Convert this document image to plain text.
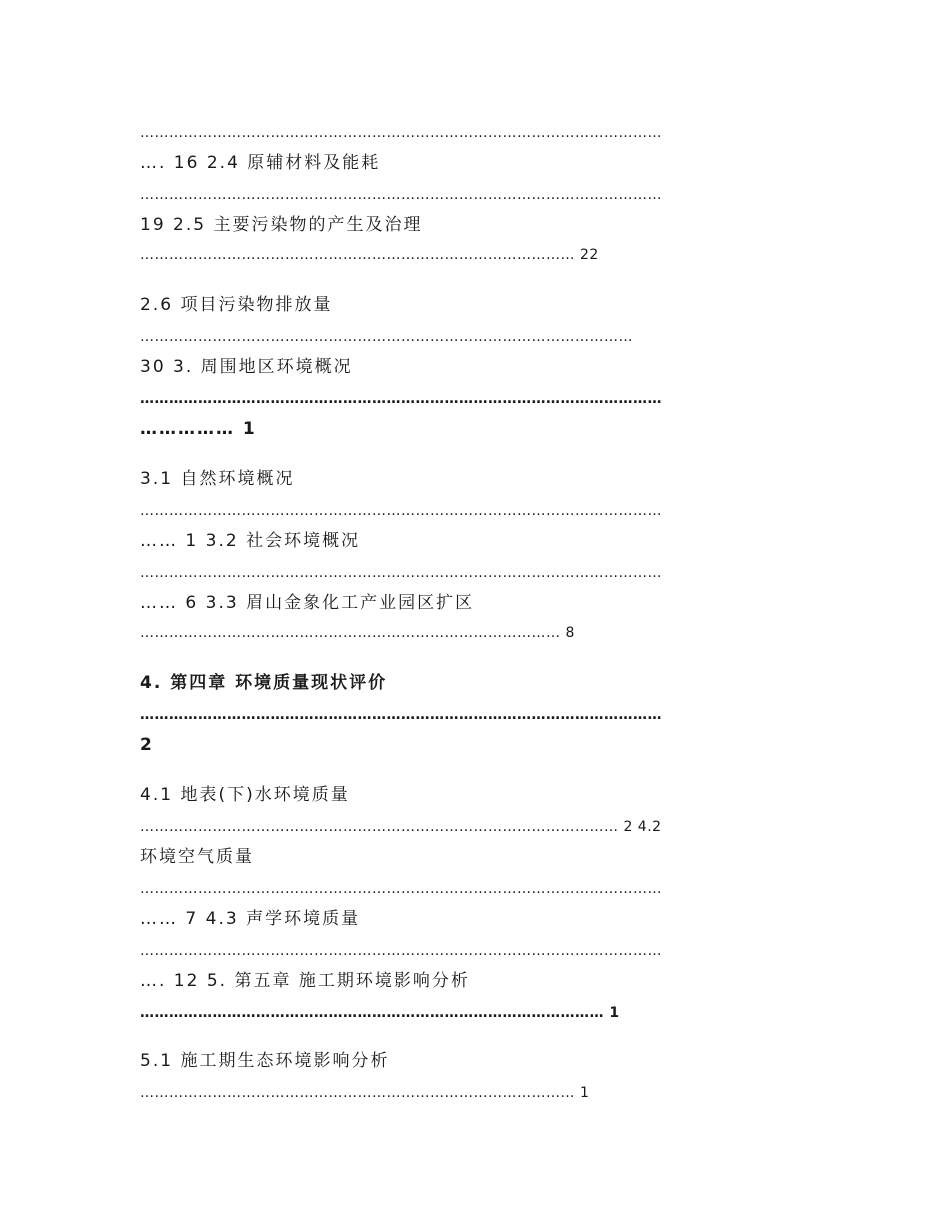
………………………………………………………………………………………………
…. 16 2.4 原辅材料及能耗
………………………………………………………………………………………………
19 2.5 主要污染物的产生及治理
……………………………………………………………………………… 22
2.6 项目污染物排放量
…………………………………………………………………………………………
30 3. 周围地区环境概况
………………………………………………………………………………………………
…………… 1
3.1 自然环境概况
………………………………………………………………………………………………
…… 1 3.2 社会环境概况
………………………………………………………………………………………………
…… 6 3.3 眉山金象化工产业园区扩区
…………………………………………………………………………… 8
4. 第四章 环境质量现状评价
………………………………………………………………………………………………
2
4.1 地表(下)水环境质量
……………………………………………………………………………………… 2 4.2
环境空气质量
………………………………………………………………………………………………
…… 7 4.3 声学环境质量
………………………………………………………………………………………………
…. 12 5. 第五章 施工期环境影响分析
…………………………………………………………………………………… 1
5.1 施工期生态环境影响分析
……………………………………………………………………………… 1
